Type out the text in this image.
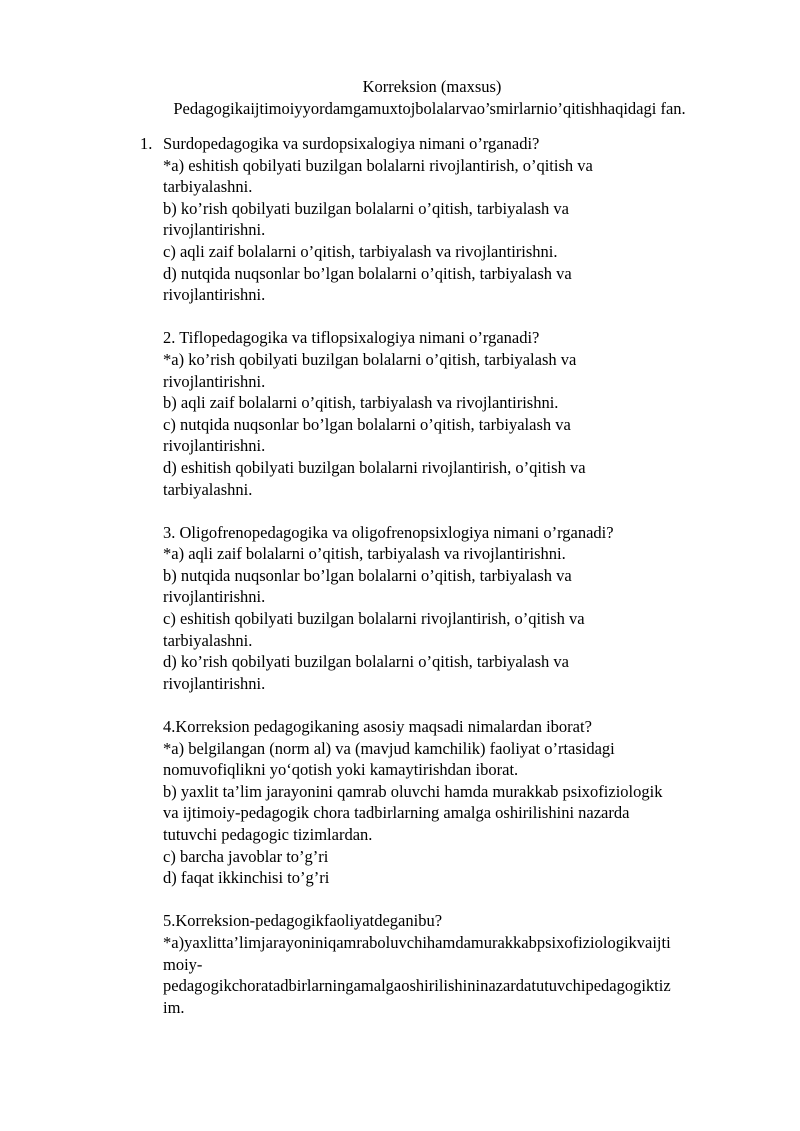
Korreksion (maxsus)
Pedagogikaijtimoiyyordamgamuxtojbolalarvao’smirlarnio’qitishhaqidagi fan.
1. Surdopedagogika va surdopsixalogiya nimani o’rganadi?
*a) eshitish qobilyati buzilgan bolalarni rivojlantirish, o’qitish va
tarbiyalashni.
b) ko’rish qobilyati buzilgan bolalarni o’qitish, tarbiyalash va
rivojlantirishni.
c) aqli zaif bolalarni o’qitish, tarbiyalash va rivojlantirishni.
d) nutqida nuqsonlar bo’lgan bolalarni o’qitish, tarbiyalash va
rivojlantirishni.
2. Tiflopedagogika va tiflopsixalogiya nimani o’rganadi?
*a) ko’rish qobilyati buzilgan bolalarni o’qitish, tarbiyalash va
rivojlantirishni.
b) aqli zaif bolalarni o’qitish, tarbiyalash va rivojlantirishni.
c) nutqida nuqsonlar bo’lgan bolalarni o’qitish, tarbiyalash va
rivojlantirishni.
d) eshitish qobilyati buzilgan bolalarni rivojlantirish, o’qitish va
tarbiyalashni.
3. Oligofrenopedagogika va oligofrenopsixlogiya nimani o’rganadi?
*a) aqli zaif bolalarni o’qitish, tarbiyalash va rivojlantirishni.
b) nutqida nuqsonlar bo’lgan bolalarni o’qitish, tarbiyalash va
rivojlantirishni.
c) eshitish qobilyati buzilgan bolalarni rivojlantirish, o’qitish va
tarbiyalashni.
d) ko’rish qobilyati buzilgan bolalarni o’qitish, tarbiyalash va
rivojlantirishni.
4.Korreksion pedagogikaning asosiy maqsadi nimalardan iborat?
*a) belgilangan (norm al) va (mavjud kamchilik) faoliyat o’rtasidagi
nomuvofiqlikni yo‘qotish yoki kamaytirishdan iborat.
b) yaxlit ta’lim jarayonini qamrab oluvchi hamda murakkab psixofiziologik
va ijtimoiy-pedagogik chora tadbirlarning amalga oshirilishini nazarda
tutuvchi pedagogic tizimlardan.
c) barcha javoblar to’g’ri
d) faqat ikkinchisi to’g’ri
5.Korreksion-pedagogikfaoliyatdeganibu?
*a)yaxlitta’limjarayoniniqamraboluvchihamdamurakkabpsixofiziologikvaijti
moiy-
pedagogikchoratadbirlarningamalgaoshirilishininazardatutuvchipedagogiktiz
im.
